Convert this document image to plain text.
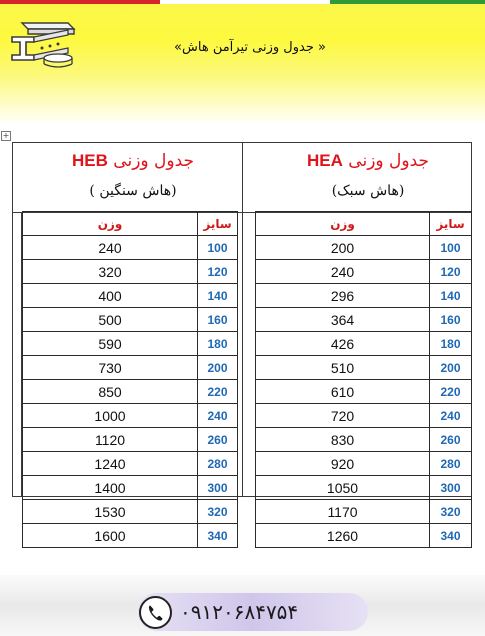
« جدول وزنی تیرآمن هاش»
+
جدول وزنی HEB
(هاش سنگین )
جدول وزنی HEA
(هاش سبک)
وزن	سایز
240	100
320	120
400	140
500	160
590	180
730	200
850	220
1000	240
1120	260
1240	280
1400	300
1530	320
1600	340
وزن	سایز
200	100
240	120
296	140
364	160
426	180
510	200
610	220
720	240
830	260
920	280
1050	300
1170	320
1260	340
۰۹۱۲۰۶۸۴۷۵۴
